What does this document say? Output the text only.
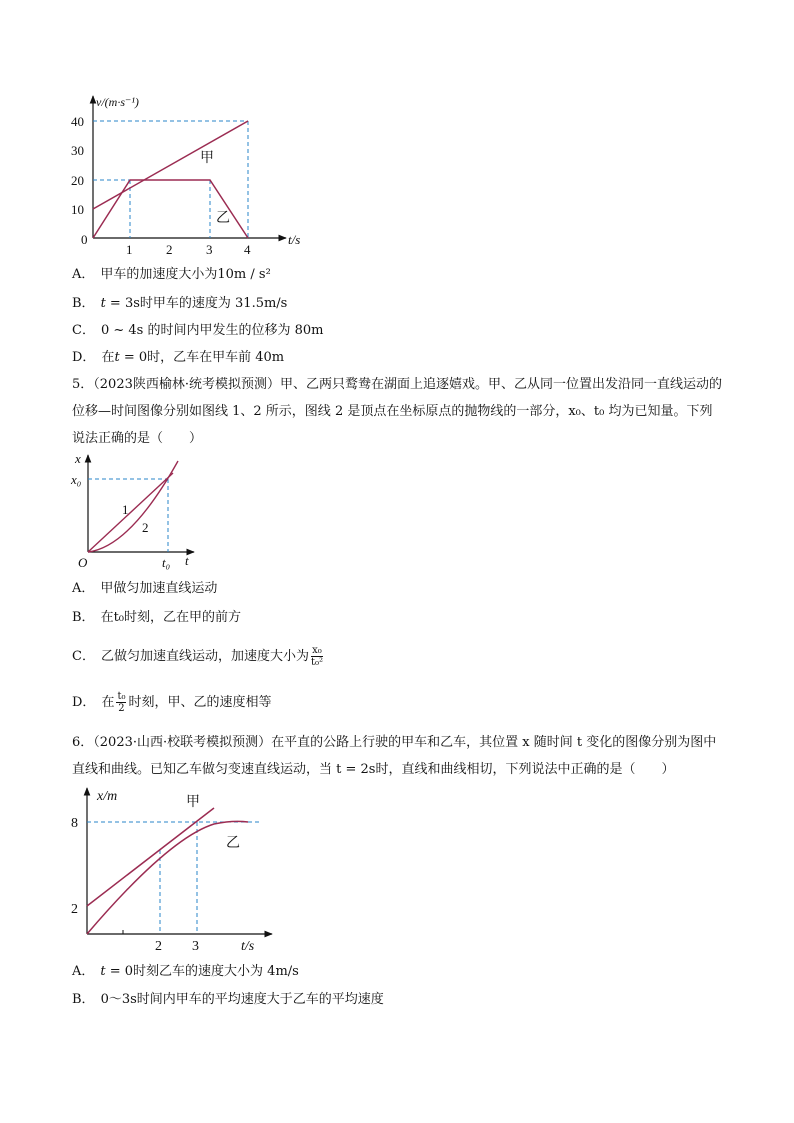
v/(m·s⁻¹)
t/s
40
30
20
10
0
1	2	3 4
甲
乙
A． 甲车的加速度大小为10m / s²
B． t = 3s时甲车的速度为 31.5m/s
C． 0 ~ 4s 的时间内甲发生的位移为 80m
D． 在t = 0时，乙车在甲车前 40m
5．（2023陕西榆林·统考模拟预测）甲、乙两只鹜鸯在湖面上追逐嬉戏。甲、乙从同一位置出发沿同一直线运动的位移—时间图像分别如图线 1、2 所示，图线 2 是顶点在坐标原点的抛物线的一部分，x₀、t₀ 均为已知量。下列说法正确的是（　　）
x
t
O
x₀
t₀
1
2
A． 甲做匀加速直线运动
B． 在t₀时刻，乙在甲的前方
C． 乙做匀加速直线运动，加速度大小为 $\frac{\text{x₀}}{\text{t₀²}}$
D． 在 $\frac{\text{t₀}}{2}$ 时刻，甲、乙的速度相等
6．（2023·山西·校联考模拟预测）在平直的公路上行驶的甲车和乙车，其位置 x 随时间 t 变化的图像分别为图中直线和曲线。已知乙车做匀变速直线运动，当 t = 2s时，直线和曲线相切，下列说法中正确的是（　　）
x/m
t/s
8
2
2 3
甲
乙
A． t = 0时刻乙车的速度大小为 4m/s
B． 0～3s时间内甲车的平均速度大于乙车的平均速度
